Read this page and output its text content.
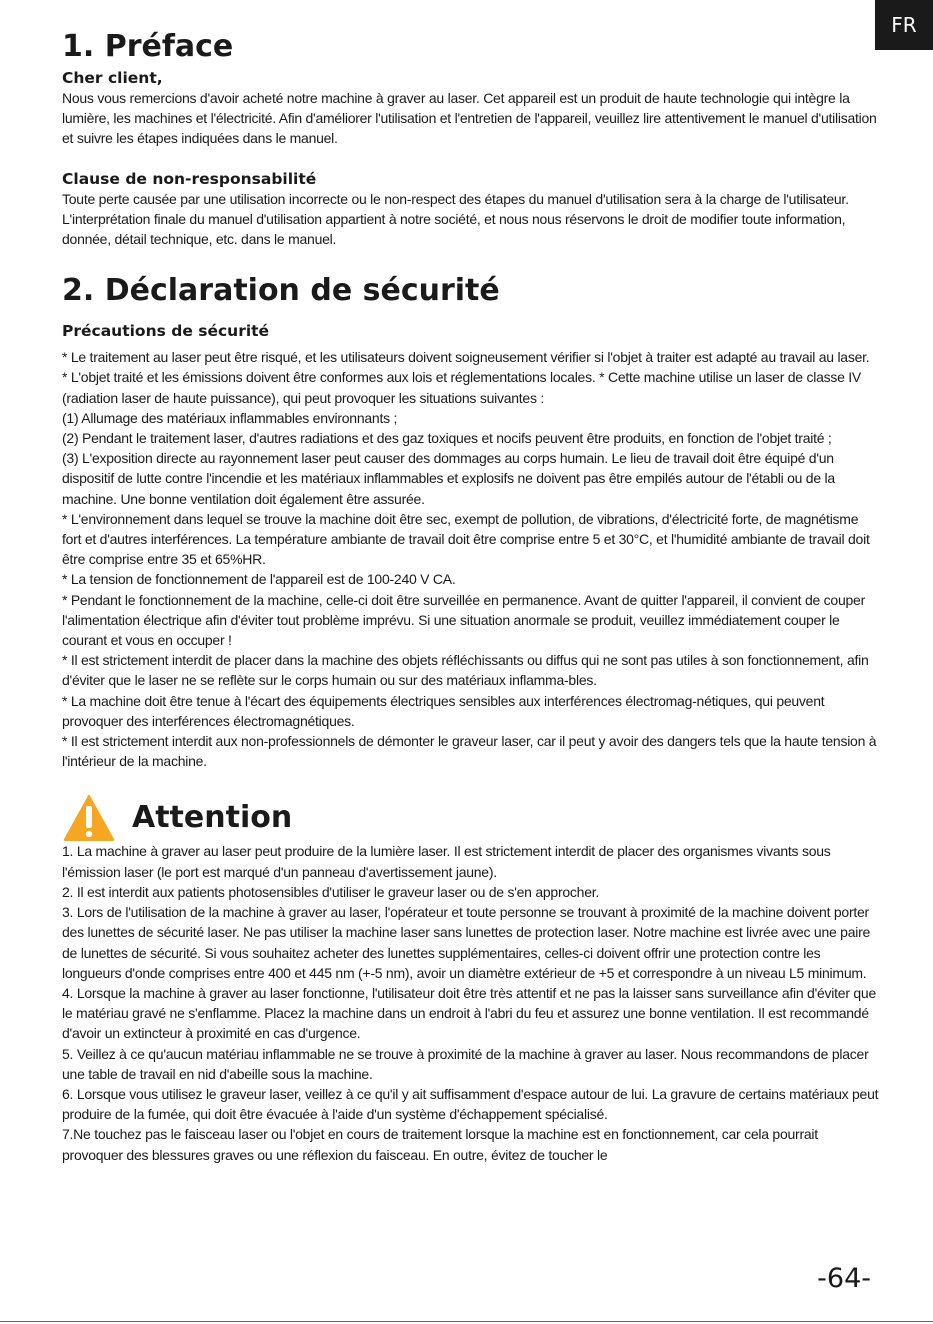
FR
1. Préface
Cher client,

Nous vous remercions d'avoir acheté notre machine à graver au laser. Cet appareil est un produit de haute technologie qui intègre la lumière, les machines et l'électricité. Afin d'améliorer l'utilisation et l'entretien de l'appareil, veuillez lire attentivement le manuel d'utilisation et suivre les étapes indiquées dans le manuel.

Clause de non-responsabilité

Toute perte causée par une utilisation incorrecte ou le non-respect des étapes du manuel d'utilisation sera à la charge de l'utilisateur. L'interprétation finale du manuel d'utilisation appartient à notre société, et nous nous réservons le droit de modifier toute information, donnée, détail technique, etc. dans le manuel.

2. Déclaration de sécurité
Précautions de sécurité

* Le traitement au laser peut être risqué, et les utilisateurs doivent soigneusement vérifier si l'objet à traiter est adapté au travail au laser.

* L'objet traité et les émissions doivent être conformes aux lois et réglementations locales. * Cette machine utilise un laser de classe IV (radiation laser de haute puissance), qui peut provoquer les situations suivantes :

(1) Allumage des matériaux inflammables environnants ;

(2) Pendant le traitement laser, d'autres radiations et des gaz toxiques et nocifs peuvent être produits, en fonction de l'objet traité ;

(3) L'exposition directe au rayonnement laser peut causer des dommages au corps humain. Le lieu de travail doit être équipé d'un dispositif de lutte contre l'incendie et les matériaux inflammables et explosifs ne doivent pas être empilés autour de l'établi ou de la machine. Une bonne ventilation doit également être assurée.

* L'environnement dans lequel se trouve la machine doit être sec, exempt de pollution, de vibrations, d'électricité forte, de magnétisme fort et d'autres interférences. La température ambiante de travail doit être comprise entre 5 et 30°C, et l'humidité ambiante de travail doit être comprise entre 35 et 65%HR.

* La tension de fonctionnement de l'appareil est de 100-240 V CA.

* Pendant le fonctionnement de la machine, celle-ci doit être surveillée en permanence. Avant de quitter l'appareil, il convient de couper l'alimentation électrique afin d'éviter tout problème imprévu. Si une situation anormale se produit, veuillez immédiatement couper le courant et vous en occuper !

* Il est strictement interdit de placer dans la machine des objets réfléchissants ou diffus qui ne sont pas utiles à son fonctionnement, afin d'éviter que le laser ne se reflète sur le corps humain ou sur des matériaux inflamma-bles.

* La machine doit être tenue à l'écart des équipements électriques sensibles aux interférences électromag-nétiques, qui peuvent provoquer des interférences électromagnétiques.

* Il est strictement interdit aux non-professionnels de démonter le graveur laser, car il peut y avoir des dangers tels que la haute tension à l'intérieur de la machine.

Attention

1. La machine à graver au laser peut produire de la lumière laser. Il est strictement interdit de placer des organismes vivants sous l'émission laser (le port est marqué d'un panneau d'avertissement jaune).

2. Il est interdit aux patients photosensibles d'utiliser le graveur laser ou de s'en approcher.

3. Lors de l'utilisation de la machine à graver au laser, l'opérateur et toute personne se trouvant à proximité de la machine doivent porter des lunettes de sécurité laser. Ne pas utiliser la machine laser sans lunettes de protection laser. Notre machine est livrée avec une paire de lunettes de sécurité. Si vous souhaitez acheter des lunettes supplémentaires, celles-ci doivent offrir une protection contre les longueurs d'onde comprises entre 400 et 445 nm (+-5 nm), avoir un diamètre extérieur de +5 et correspondre à un niveau L5 minimum.

4. Lorsque la machine à graver au laser fonctionne, l'utilisateur doit être très attentif et ne pas la laisser sans surveillance afin d'éviter que le matériau gravé ne s'enflamme. Placez la machine dans un endroit à l'abri du feu et assurez une bonne ventilation. Il est recommandé d'avoir un extincteur à proximité en cas d'urgence.

5. Veillez à ce qu'aucun matériau inflammable ne se trouve à proximité de la machine à graver au laser. Nous recommandons de placer une table de travail en nid d'abeille sous la machine.

6. Lorsque vous utilisez le graveur laser, veillez à ce qu'il y ait suffisamment d'espace autour de lui. La gravure de certains matériaux peut produire de la fumée, qui doit être évacuée à l'aide d'un système d'échappement spécialisé.

7.Ne touchez pas le faisceau laser ou l'objet en cours de traitement lorsque la machine est en fonctionnement, car cela pourrait provoquer des blessures graves ou une réflexion du faisceau. En outre, évitez de toucher le

-64-
